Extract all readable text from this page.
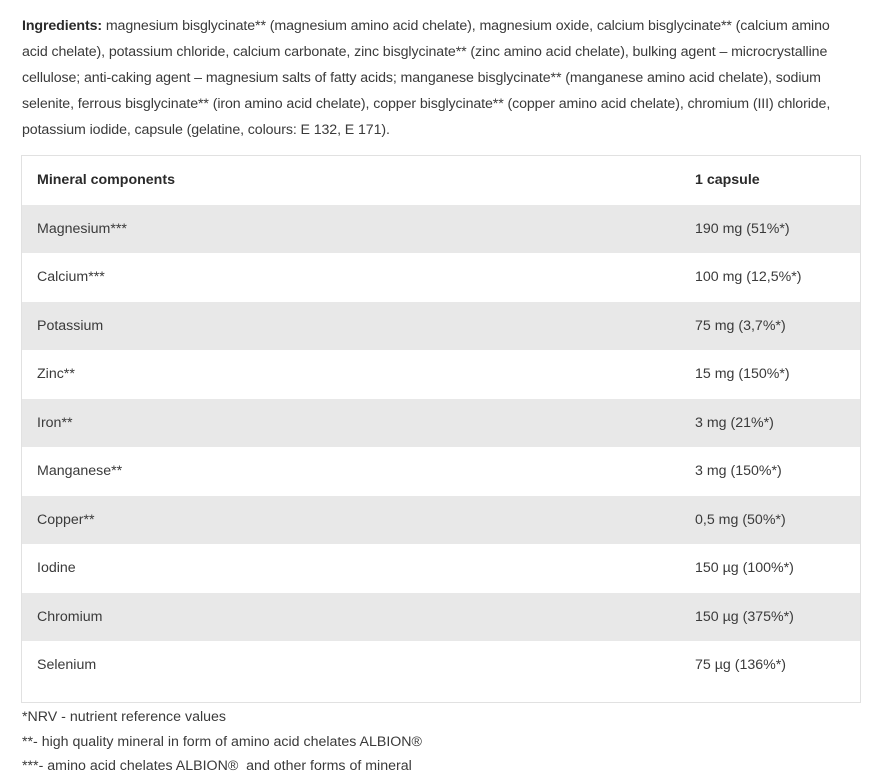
Ingredients: magnesium bisglycinate** (magnesium amino acid chelate), magnesium oxide, calcium bisglycinate** (calcium amino acid chelate), potassium chloride, calcium carbonate, zinc bisglycinate** (zinc amino acid chelate), bulking agent – microcrystalline cellulose; anti-caking agent – magnesium salts of fatty acids; manganese bisglycinate** (manganese amino acid chelate), sodium selenite, ferrous bisglycinate** (iron amino acid chelate), copper bisglycinate** (copper amino acid chelate), chromium (III) chloride, potassium iodide, capsule (gelatine, colours: E 132, E 171).
Mineral components	1 capsule
Magnesium***	190 mg (51%*)
Calcium***	100 mg (12,5%*)
Potassium	75 mg (3,7%*)
Zinc**	15 mg (150%*)
Iron**	3 mg (21%*)
Manganese**	3 mg (150%*)
Copper**	0,5 mg (50%*)
Iodine	150 µg (100%*)
Chromium	150 µg (375%*)
Selenium	75 µg (136%*)
*NRV - nutrient reference values
**- high quality mineral in form of amino acid chelates ALBION®
***- amino acid chelates ALBION®  and other forms of mineral
